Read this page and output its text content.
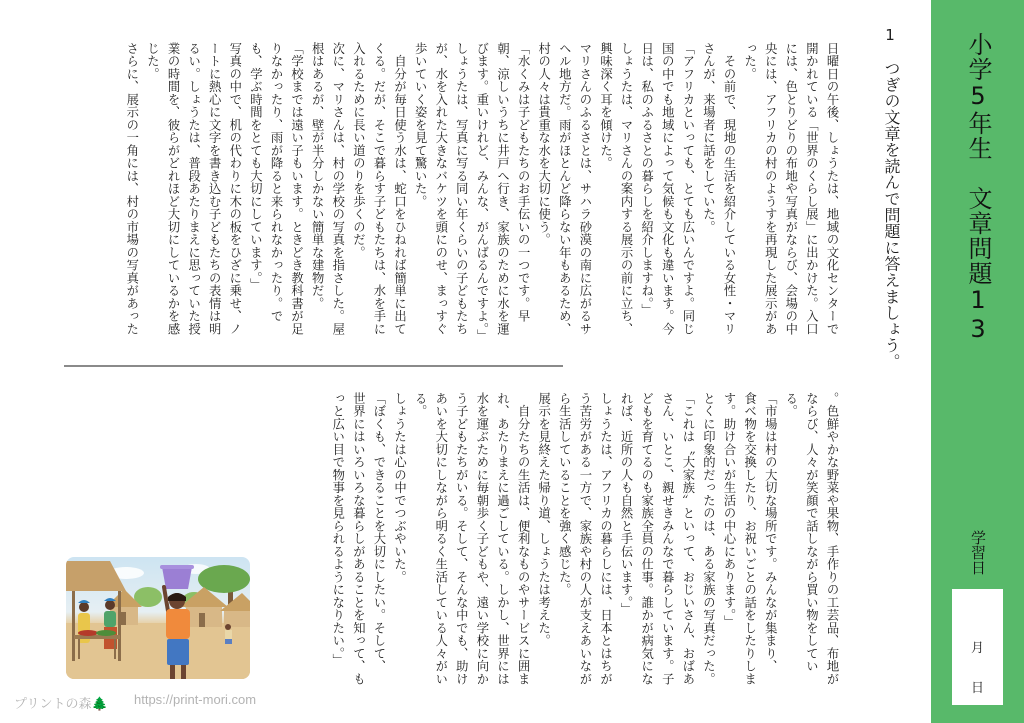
小学5年生　文章問題13
学習日
月
日
1
つぎの文章を読んで問題に答えましょう。
日曜日の午後、しょうたは、地域の文化センターで
開かれている「世界のくらし展」に出かけた。入口
には、色とりどりの布地や写真がならび、会場の中
央には、アフリカの村のようすを再現した展示があ
った。
　その前で、現地の生活を紹介している女性・マリ
さんが、来場者に話をしていた。
「アフリカといっても、とても広いんですよ。同じ
国の中でも地域によって気候も文化も違います。今
日は、私のふるさとの暮らしを紹介しますね。」
しょうたは、マリさんの案内する展示の前に立ち、
興味深く耳を傾けた。
マリさんのふるさとは、サハラ砂漠の南に広がるサ
ヘル地方だ。雨がほとんど降らない年もあるため、
村の人々は貴重な水を大切に使う。
「水くみは子どもたちのお手伝いの一つです。早
朝、涼しいうちに井戸へ行き、家族のために水を運
びます。重いけれど、みんな、がんばるんですよ。」
しょうたは、写真に写る同い年くらいの子どもたち
が、水を入れた大きなバケツを頭にのせ、まっすぐ
歩いていく姿を見て驚いた。
　自分が毎日使う水は、蛇口をひねれば簡単に出て
くる。だが、そこで暮らす子どもたちは、水を手に
入れるために長い道のりを歩くのだ。
次に、マリさんは、村の学校の写真を指さした。屋
根はあるが、壁が半分しかない簡単な建物だ。
「学校までは遠い子もいます。ときどき教科書が足
りなかったり、雨が降ると来られなかったり。で
も、学ぶ時間をとても大切にしています。」
写真の中で、机の代わりに木の板をひざに乗せ、ノ
ートに熱心に文字を書き込む子どもたちの表情は明
るい。しょうたは、普段あたりまえに思っていた授
業の時間を、彼らがどれほど大切にしているかを感
じた。
さらに、展示の一角には、村の市場の写真があった
。色鮮やかな野菜や果物、手作りの工芸品、布地が
ならび、人々が笑顔で話しながら買い物をしてい
る。
「市場は村の大切な場所です。みんなが集まり、
食べ物を交換したり、お祝いごとの話をしたりしま
す。助け合いが生活の中心にあります。」
とくに印象的だったのは、ある家族の写真だった。
「これは〝大家族〟といって、おじいさん、おばあ
さん、いとこ、親せきみんなで暮らしています。子
どもを育てるのも家族全員の仕事。誰かが病気にな
れば、近所の人も自然と手伝います。」
しょうたは、アフリカの暮らしには、日本とはちが
う苦労がある一方で、家族や村の人が支えあいなが
ら生活していることを強く感じた。
展示を見終えた帰り道、しょうたは考えた。
　自分たちの生活は、便利なものやサービスに囲ま
れ、あたりまえに過ごしている。しかし、世界には
水を運ぶために毎朝歩く子どもや、遠い学校に向か
う子どもたちがいる。そして、そんな中でも、助け
あいを大切にしながら明るく生活している人々がい
る。
しょうたは心の中でつぶやいた。
「ぼくも、できることを大切にしたい。そして、
世界にはいろいろな暮らしがあることを知って、も
っと広い目で物事を見られるようになりたい。」
プリントの森🌲 https://print-mori.com
